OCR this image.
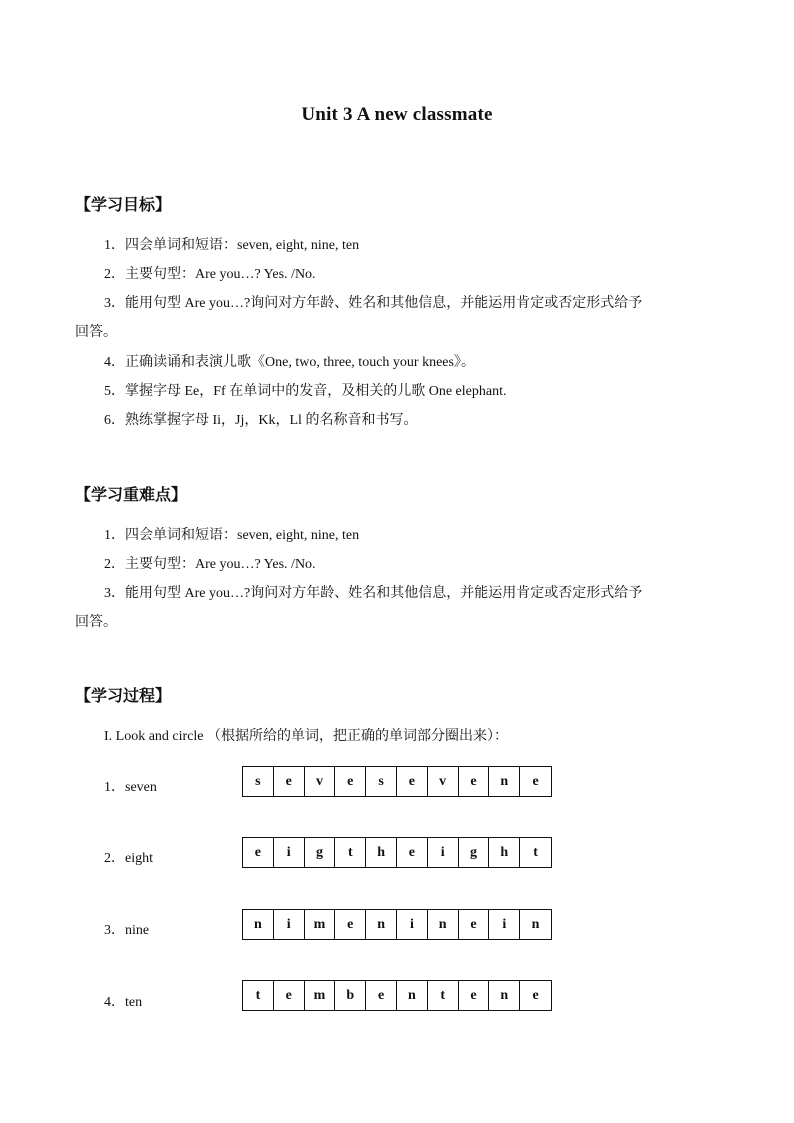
Unit 3 A new classmate
【学习目标】
1．四会单词和短语：seven, eight, nine, ten
2．主要句型：Are you…? Yes. /No.
3．能用句型 Are you…?询问对方年龄、姓名和其他信息，并能运用肯定或否定形式给予
回答。
4．正确读诵和表演儿歌《One, two, three, touch your knees》。
5．掌握字母 Ee，Ff 在单词中的发音，及相关的儿歌 One elephant.
6．熟练掌握字母 Ii，Jj，Kk，Ll 的名称音和书写。
【学习重难点】
1．四会单词和短语：seven, eight, nine, ten
2．主要句型：Are you…? Yes. /No.
3．能用句型 Are you…?询问对方年龄、姓名和其他信息，并能运用肯定或否定形式给予
回答。
【学习过程】
I. Look and circle （根据所给的单词，把正确的单词部分圈出来）：
1．seven	s	e	v	e	s	e	v	e	n	e
2．eight	e	i	g	t	h	e	i	g	h	t
3．nine	n	i	m	e	n	i	n	e	i	n
4．ten	t	e	m	b	e	n	t	e	n	e
